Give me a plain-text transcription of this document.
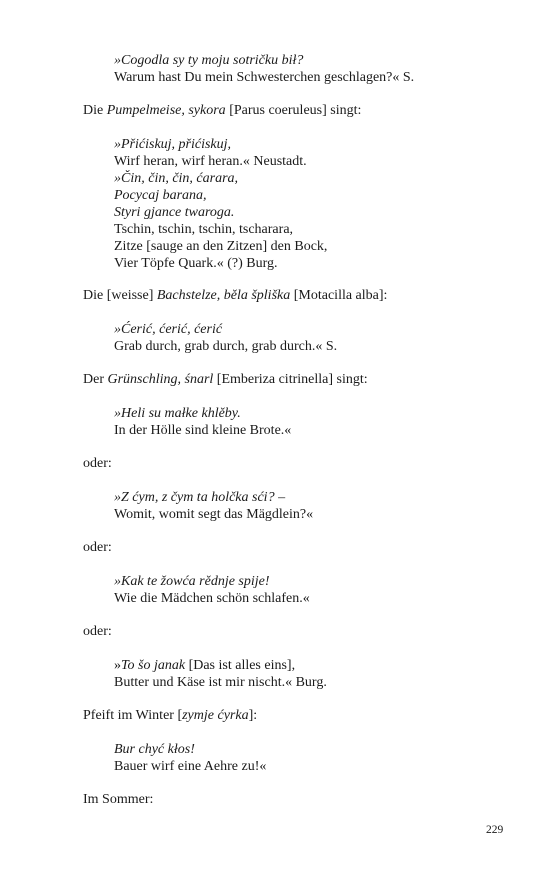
»Cogodla sy ty moju sotričku bił?
Warum hast Du mein Schwesterchen geschlagen?« S.
Die Pumpelmeise, sykora [Parus coeruleus] singt:
»Přićiskuj, přićiskuj,
Wirf heran, wirf heran.« Neustadt.
»Čin, čin, čin, ćarara,
Pocycaj barana,
Styri gjance twaroga.
Tschin, tschin, tschin, tscharara,
Zitze [sauge an den Zitzen] den Bock,
Vier Töpfe Quark.« (?) Burg.
Die [weisse] Bachstelze, běla špliška [Motacilla alba]:
»Ćerić, ćerić, ćerić
Grab durch, grab durch, grab durch.« S.
Der Grünschling, śnarl [Emberiza citrinella] singt:
»Heli su małke khlěby.
In der Hölle sind kleine Brote.«
oder:
»Z ćym, z čym ta holčka sći? –
Womit, womit segt das Mägdlein?«
oder:
»Kak te žowća rědnje spije!
Wie die Mädchen schön schlafen.«
oder:
»To šo janak [Das ist alles eins],
Butter und Käse ist mir nischt.« Burg.
Pfeift im Winter [zymje ćyrka]:
Bur chyć kłos!
Bauer wirf eine Aehre zu!«
Im Sommer:
229
